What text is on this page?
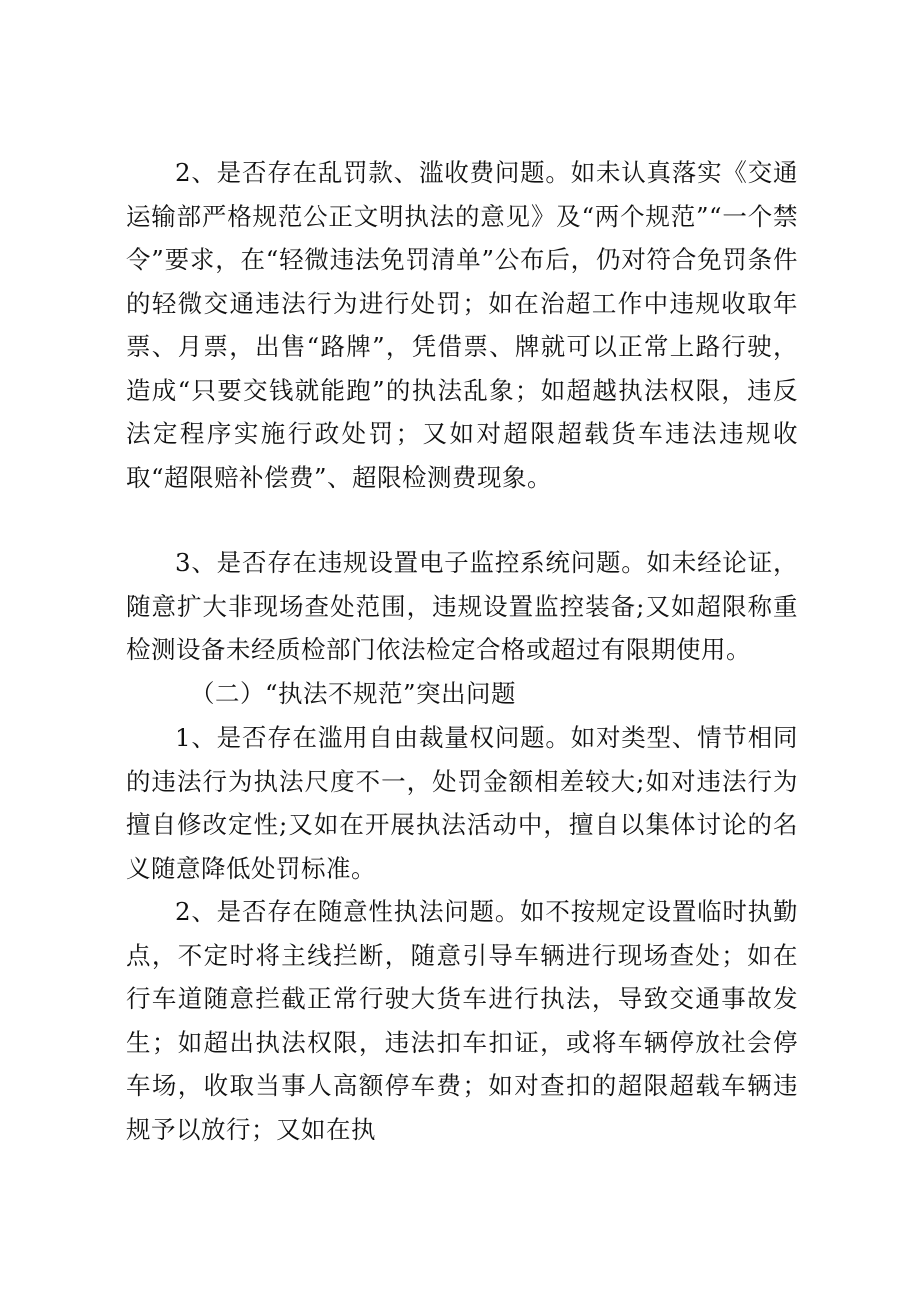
2、是否存在乱罚款、滥收费问题。如未认真落实《交通运输部严格规范公正文明执法的意见》及“两个规范”“一个禁令”要求，在“轻微违法免罚清单”公布后，仍对符合免罚条件的轻微交通违法行为进行处罚；如在治超工作中违规收取年票、月票，出售“路牌”，凭借票、牌就可以正常上路行驶，造成“只要交钱就能跑”的执法乱象；如超越执法权限，违反法定程序实施行政处罚；又如对超限超载货车违法违规收取“超限赔补偿费”、超限检测费现象。

3、是否存在违规设置电子监控系统问题。如未经论证，随意扩大非现场查处范围，违规设置监控装备;又如超限称重检测设备未经质检部门依法检定合格或超过有限期使用。

（二）“执法不规范”突出问题

1、是否存在滥用自由裁量权问题。如对类型、情节相同的违法行为执法尺度不一，处罚金额相差较大;如对违法行为擅自修改定性;又如在开展执法活动中，擅自以集体讨论的名义随意降低处罚标准。

2、是否存在随意性执法问题。如不按规定设置临时执勤点，不定时将主线拦断，随意引导车辆进行现场查处；如在行车道随意拦截正常行驶大货车进行执法，导致交通事故发生；如超出执法权限，违法扣车扣证，或将车辆停放社会停车场，收取当事人高额停车费；如对查扣的超限超载车辆违规予以放行；又如在执
